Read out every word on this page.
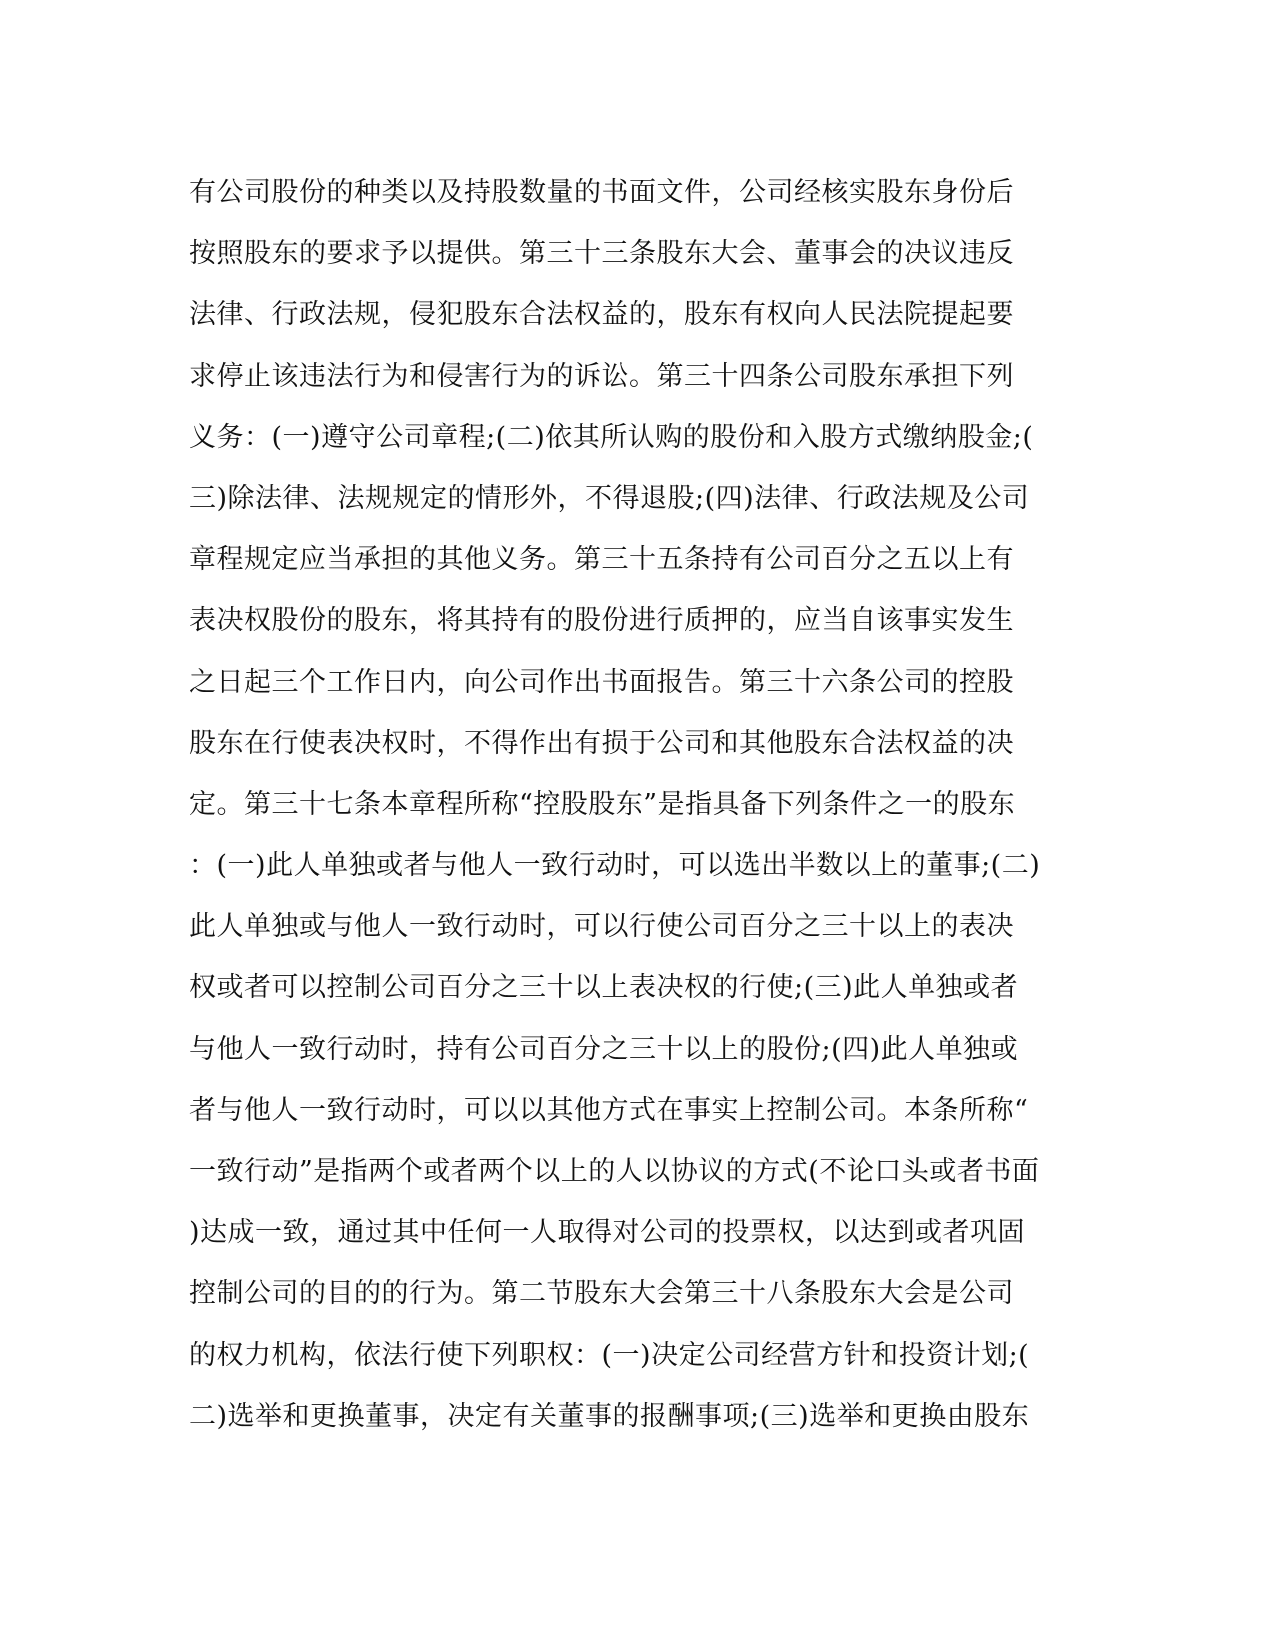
有公司股份的种类以及持股数量的书面文件，公司经核实股东身份后
按照股东的要求予以提供。第三十三条股东大会、董事会的决议违反
法律、行政法规，侵犯股东合法权益的，股东有权向人民法院提起要
求停止该违法行为和侵害行为的诉讼。第三十四条公司股东承担下列
义务：(一)遵守公司章程;(二)依其所认购的股份和入股方式缴纳股金;(
三)除法律、法规规定的情形外，不得退股;(四)法律、行政法规及公司
章程规定应当承担的其他义务。第三十五条持有公司百分之五以上有
表决权股份的股东，将其持有的股份进行质押的，应当自该事实发生
之日起三个工作日内，向公司作出书面报告。第三十六条公司的控股
股东在行使表决权时，不得作出有损于公司和其他股东合法权益的决
定。第三十七条本章程所称“控股股东”是指具备下列条件之一的股东
：(一)此人单独或者与他人一致行动时，可以选出半数以上的董事;(二)
此人单独或与他人一致行动时，可以行使公司百分之三十以上的表决
权或者可以控制公司百分之三十以上表决权的行使;(三)此人单独或者
与他人一致行动时，持有公司百分之三十以上的股份;(四)此人单独或
者与他人一致行动时，可以以其他方式在事实上控制公司。本条所称“
一致行动”是指两个或者两个以上的人以协议的方式(不论口头或者书面
)达成一致，通过其中任何一人取得对公司的投票权，以达到或者巩固
控制公司的目的的行为。第二节股东大会第三十八条股东大会是公司
的权力机构，依法行使下列职权：(一)决定公司经营方针和投资计划;(
二)选举和更换董事，决定有关董事的报酬事项;(三)选举和更换由股东
